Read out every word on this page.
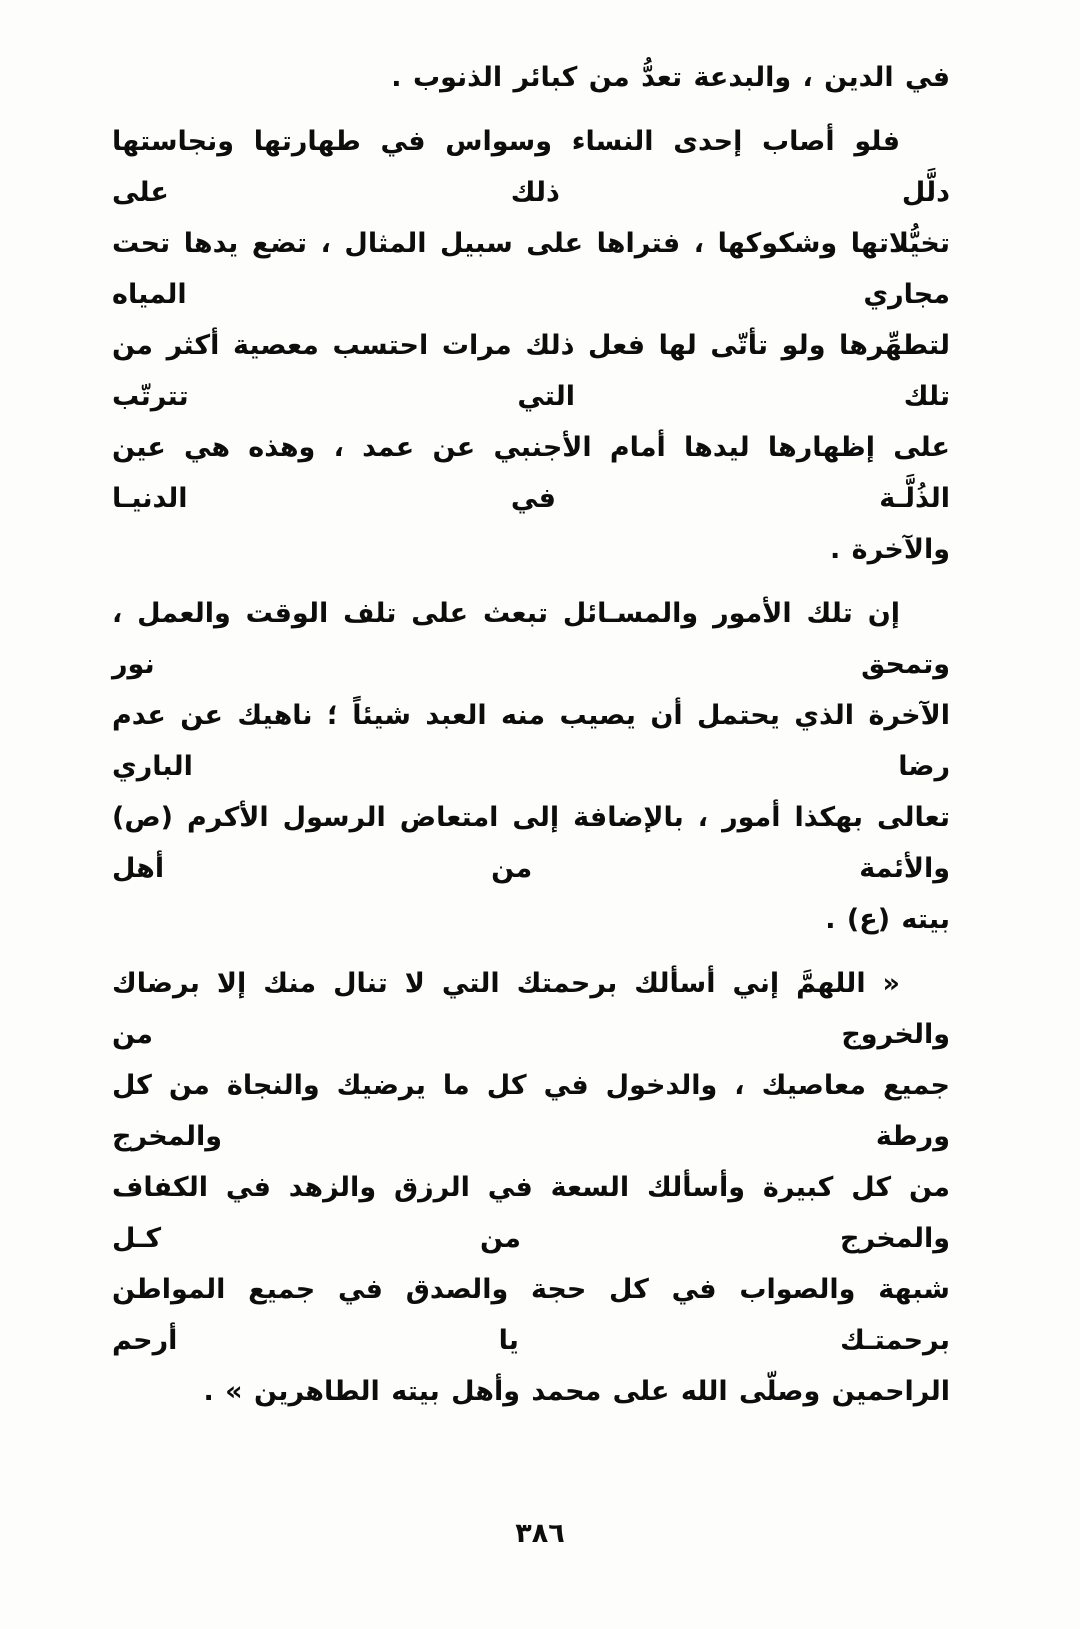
في الدين ، والبدعة تعدُّ من كبائر الذنوب .
فلو أصاب إحدى النساء وسواس في طهارتها ونجاستها دلَّل ذلك على
تخيُّلاتها وشكوكها ، فتراها على سبيل المثال ، تضع يدها تحت مجاري المياه
لتطهِّرها ولو تأتّى لها فعل ذلك مرات احتسب معصية أكثر من تلك التي تترتّب
على إظهارها ليدها أمام الأجنبي عن عمد ، وهذه هي عين الذُلَّـة في الدنيـا
والآخرة .
إن تلك الأمور والمسـائل تبعث على تلف الوقت والعمل ، وتمحق نور
الآخرة الذي يحتمل أن يصيب منه العبد شيئاً ؛ ناهيك عن عدم رضا الباري
تعالى بهكذا أمور ، بالإضافة إلى امتعاض الرسول الأكرم (ص) والأئمة من أهل
بيته (ع) .
« اللهمَّ إني أسألك برحمتك التي لا تنال منك إلا برضاك والخروج من
جميع معاصيك ، والدخول في كل ما يرضيك والنجاة من كل ورطة والمخرج
من كل كبيرة وأسألك السعة في الرزق والزهد في الكفاف والمخرج من كـل
شبهة والصواب في كل حجة والصدق في جميع المواطن برحمتـك يا أرحم
الراحمين وصلّى الله على محمد وأهل بيته الطاهرين » .
٣٨٦
